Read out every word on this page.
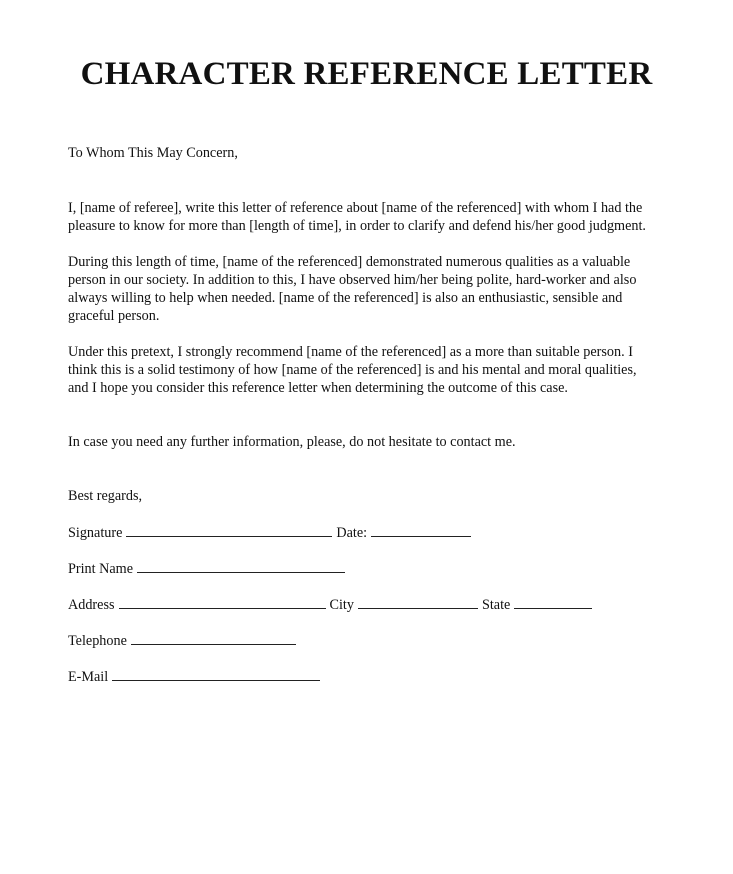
CHARACTER REFERENCE LETTER
To Whom This May Concern,
I, [name of referee], write this letter of reference about [name of the referenced] with whom I had the
pleasure to know for more than [length of time], in order to clarify and defend his/her good judgment.
During this length of time, [name of the referenced] demonstrated numerous qualities as a valuable
person in our society. In addition to this, I have observed him/her being polite, hard-worker and also
always willing to help when needed. [name of the referenced] is also an enthusiastic, sensible and
graceful person.
Under this pretext, I strongly recommend [name of the referenced] as a more than suitable person. I
think this is a solid testimony of how [name of the referenced] is and his mental and moral qualities,
and I hope you consider this reference letter when determining the outcome of this case.
In case you need any further information, please, do not hesitate to contact me.
Best regards,
Signature	Date:
Print Name
Address	City	State
Telephone
E-Mail
